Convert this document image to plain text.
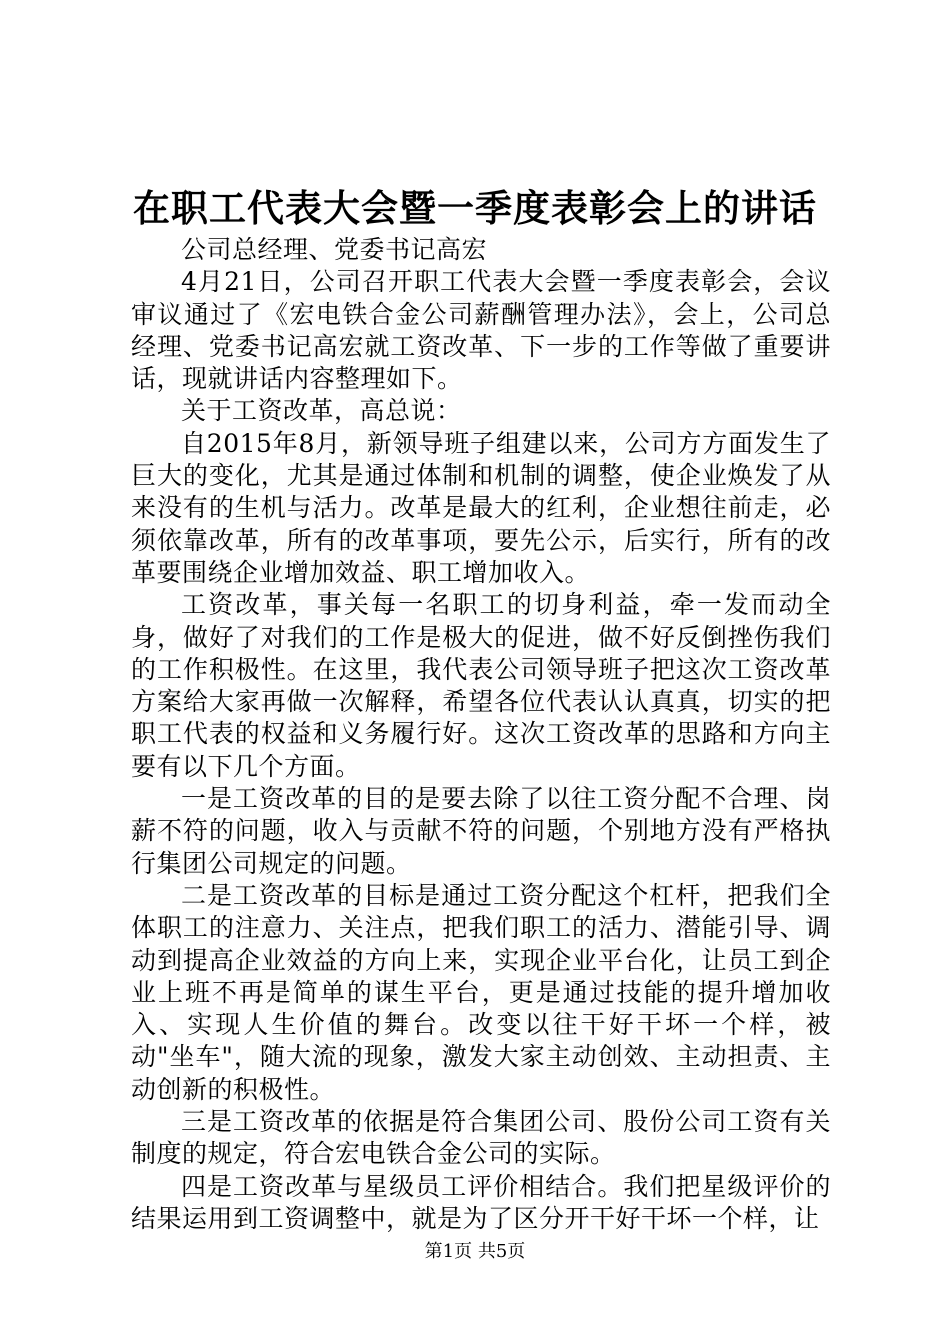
在职工代表大会暨一季度表彰会上的讲话

公司总经理、党委书记高宏

4月21日，公司召开职工代表大会暨一季度表彰会，会议审议通过了《宏电铁合金公司薪酬管理办法》，会上，公司总经理、党委书记高宏就工资改革、下一步的工作等做了重要讲话，现就讲话内容整理如下。

关于工资改革，高总说：

自2015年8月，新领导班子组建以来，公司方方面发生了巨大的变化，尤其是通过体制和机制的调整，使企业焕发了从来没有的生机与活力。改革是最大的红利，企业想往前走，必须依靠改革，所有的改革事项，要先公示，后实行，所有的改革要围绕企业增加效益、职工增加收入。

工资改革，事关每一名职工的切身利益，牵一发而动全身，做好了对我们的工作是极大的促进，做不好反倒挫伤我们的工作积极性。在这里，我代表公司领导班子把这次工资改革方案给大家再做一次解释，希望各位代表认认真真，切实的把职工代表的权益和义务履行好。这次工资改革的思路和方向主要有以下几个方面。

一是工资改革的目的是要去除了以往工资分配不合理、岗薪不符的问题，收入与贡献不符的问题，个别地方没有严格执行集团公司规定的问题。

二是工资改革的目标是通过工资分配这个杠杆，把我们全体职工的注意力、关注点，把我们职工的活力、潜能引导、调动到提高企业效益的方向上来，实现企业平台化，让员工到企业上班不再是简单的谋生平台，更是通过技能的提升增加收入、实现人生价值的舞台。改变以往干好干坏一个样，被动"坐车"，随大流的现象，激发大家主动创效、主动担责、主动创新的积极性。

三是工资改革的依据是符合集团公司、股份公司工资有关制度的规定，符合宏电铁合金公司的实际。

四是工资改革与星级员工评价相结合。我们把星级评价的结果运用到工资调整中，就是为了区分开干好干坏一个样，让

第1页 共5页
